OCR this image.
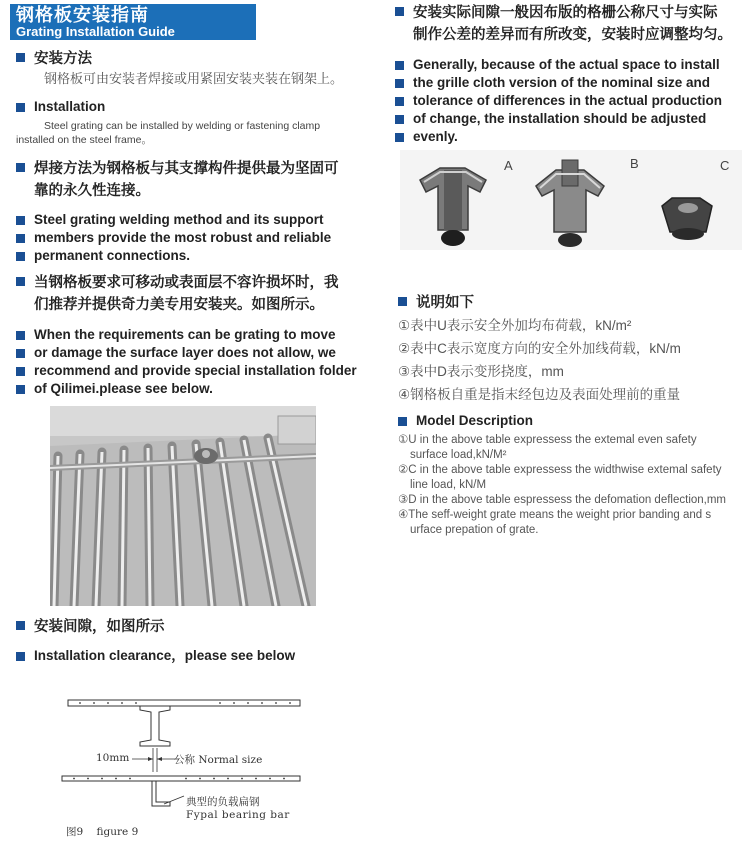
钢格板安装指南
Grating Installation Guide
安装方法
钢格板可由安装者焊接或用紧固安装夹装在钢架上。
Installation
Steel grating can be installed by welding or fastening clamp
installed on the steel frame。
焊接方法为钢格板与其支撑构件提供最为坚固可
靠的永久性连接。
Steel grating welding method and its support
members provide the most robust and reliable
permanent connections.
当钢格板要求可移动或表面层不容许损坏时，我
们推荐并提供奇力美专用安装夹。如图所示。
When the requirements can be grating to move
or damage the surface layer does not allow, we
recommend and provide special installation folder
of Qilimei.please see below.
安装间隙，如图所示
Installation clearance，please see below
10mm	公称 Normal size
典型的负载扁钢
Fypal bearing bar
图9 figure 9
安装实际间隙一般因布版的格栅公称尺寸与实际
制作公差的差异而有所改变，安装时应调整均匀。
Generally, because of the actual space to install
the grille cloth version of the nominal size and
tolerance of differences in the actual production
of change, the installation should be adjusted
evenly.
A	B	C
说明如下
①表中U表示安全外加均布荷载，kN/m²
②表中C表示宽度方向的安全外加线荷载，kN/m
③表中D表示变形挠度，mm
④钢格板自重是指末经包边及表面处理前的重量
Model Description
①U in the above table expressess the extemal even safety
surface load,kN/M²
②C in the above table expressess the widthwise extemal safety
line load, kN/M
③D in the above table espressess the defomation deflection,mm
④The seff-weight grate means the weight prior banding and s
urface prepation of grate.
